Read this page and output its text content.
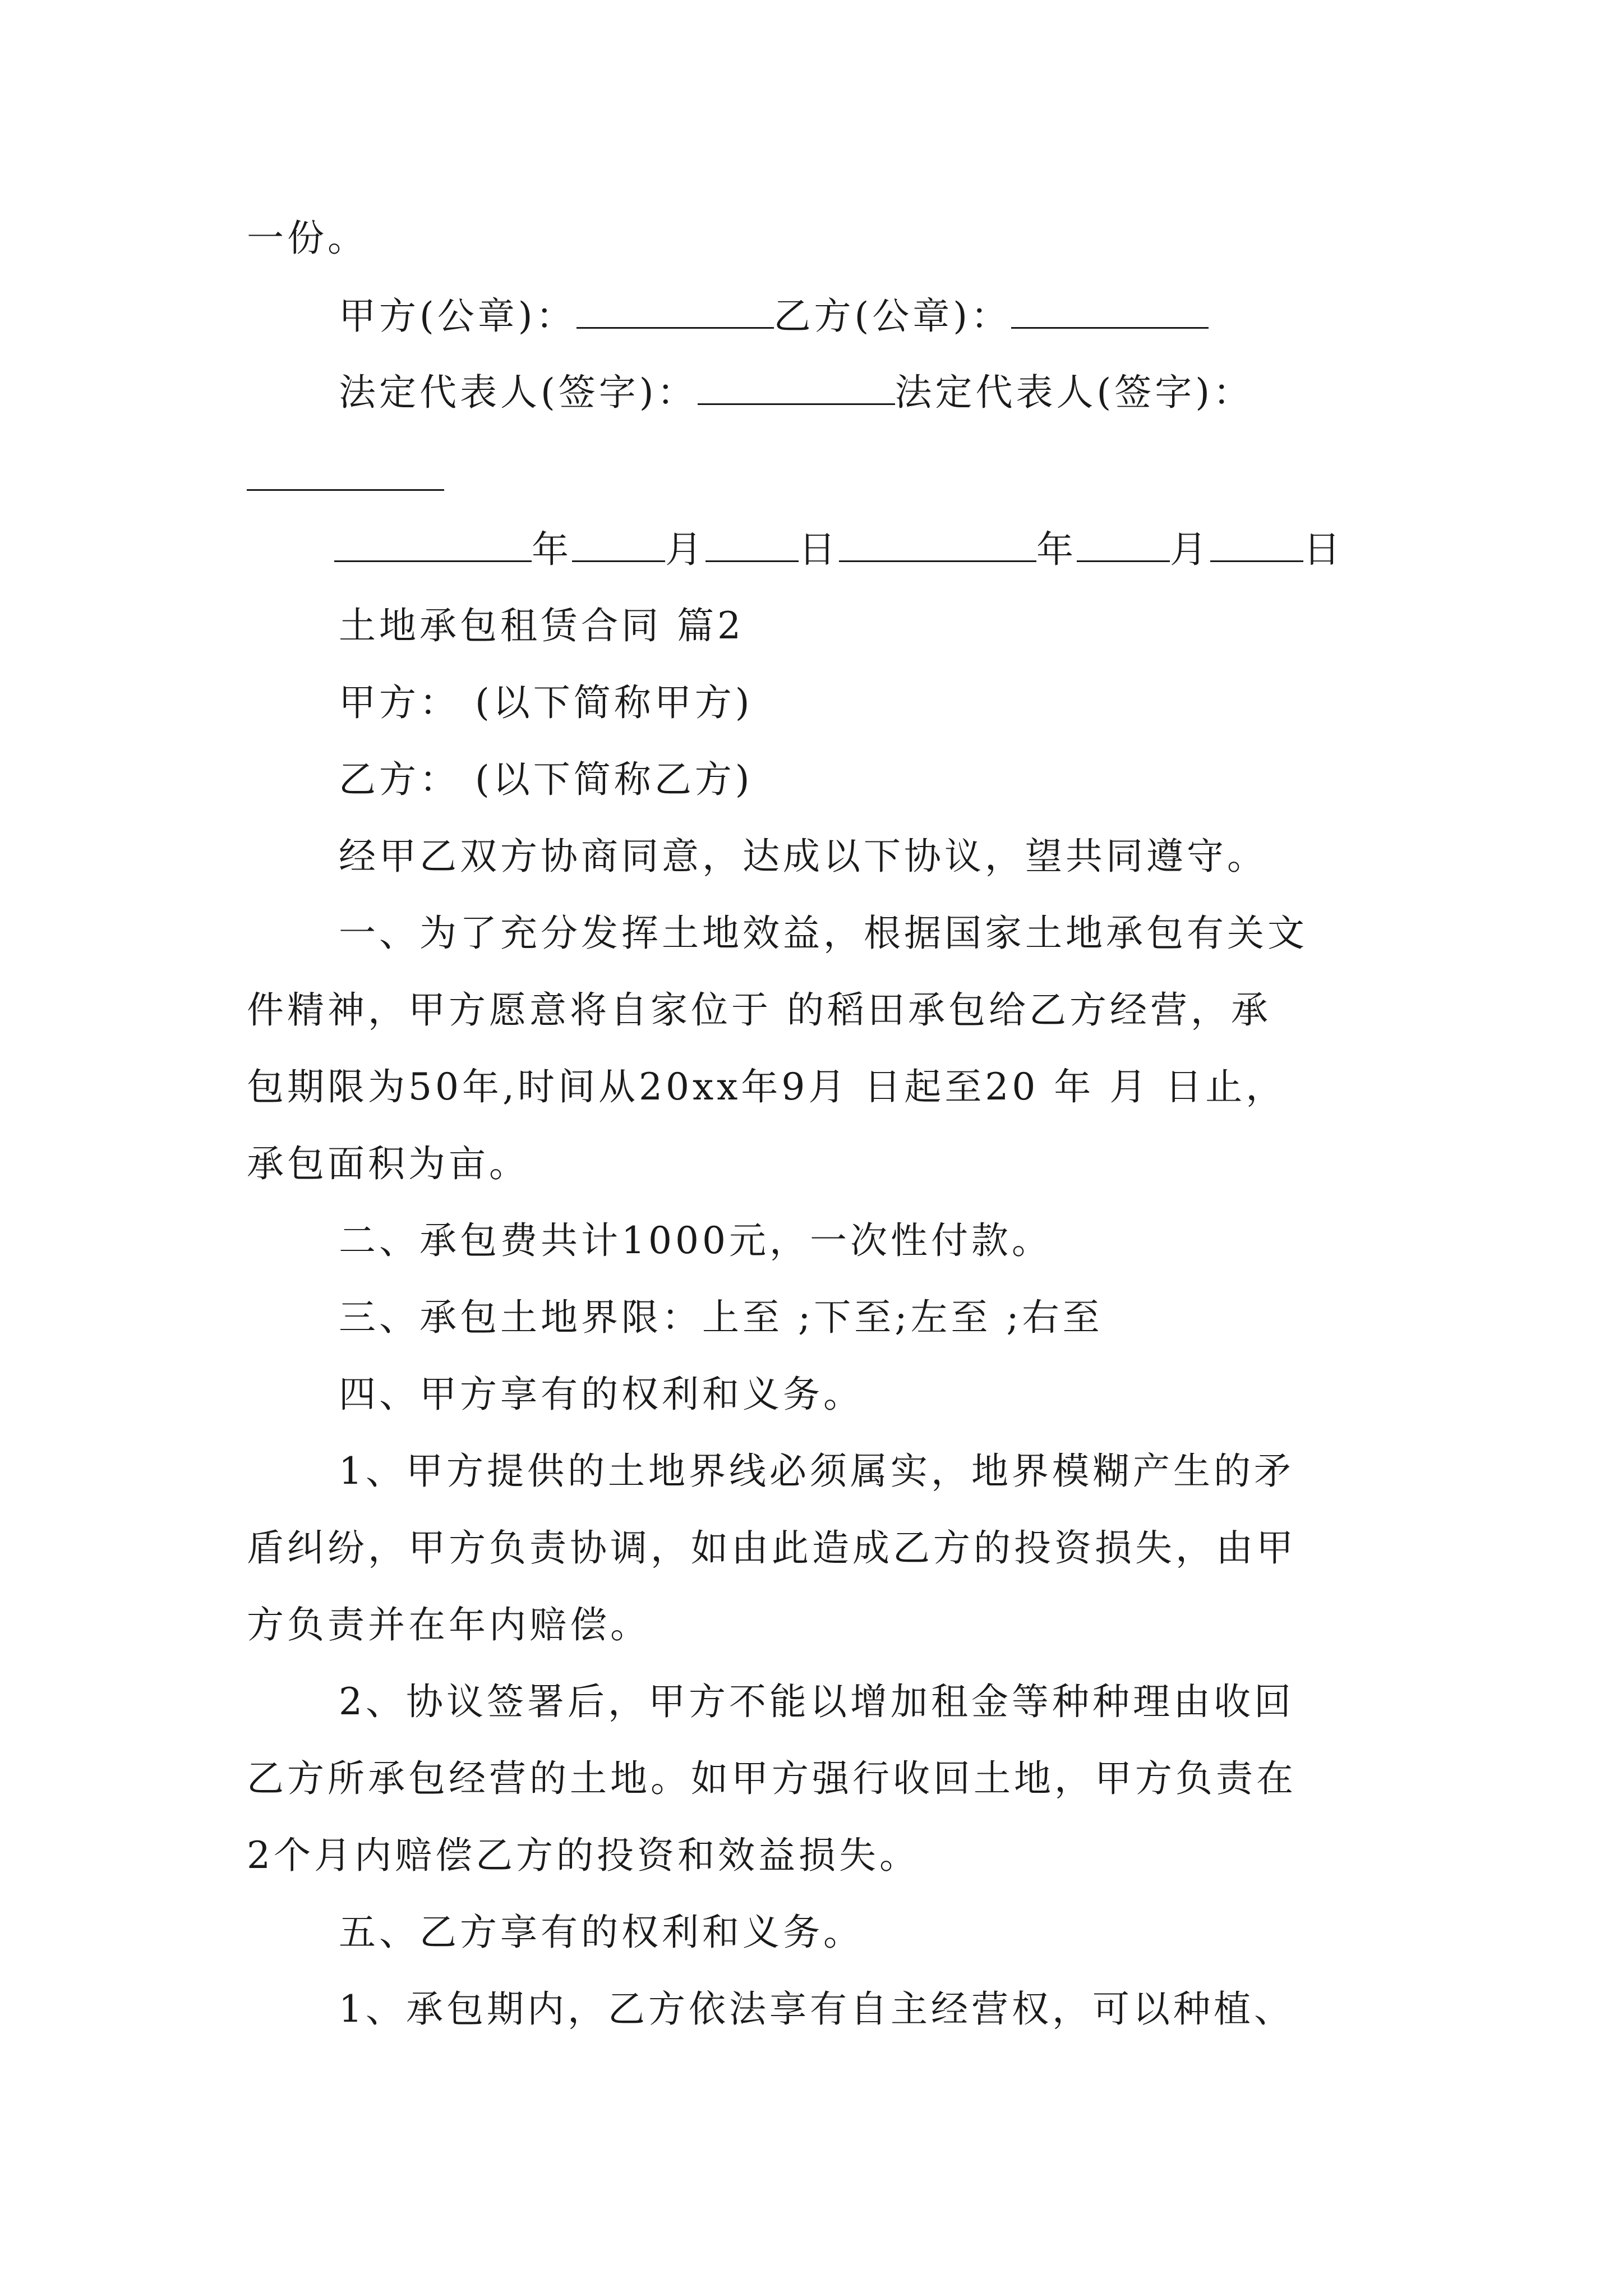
一份。
甲方(公章)：	乙方(公章)：
法定代表人(签字)：	法定代表人(签字)：
年	月	日	年	月	日
土地承包租赁合同 篇2
甲方： (以下简称甲方)
乙方： (以下简称乙方)
经甲乙双方协商同意，达成以下协议，望共同遵守。
一、为了充分发挥土地效益，根据国家土地承包有关文
件精神，甲方愿意将自家位于 的稻田承包给乙方经营，承
包期限为50年,时间从20xx年9月 日起至20 年 月 日止，
承包面积为亩。
二、承包费共计1000元，一次性付款。
三、承包土地界限：上至 ;下至;左至 ;右至
四、甲方享有的权利和义务。
1、甲方提供的土地界线必须属实，地界模糊产生的矛
盾纠纷，甲方负责协调，如由此造成乙方的投资损失，由甲
方负责并在年内赔偿。
2、协议签署后，甲方不能以增加租金等种种理由收回
乙方所承包经营的土地。如甲方强行收回土地，甲方负责在
2个月内赔偿乙方的投资和效益损失。
五、乙方享有的权利和义务。
1、承包期内，乙方依法享有自主经营权，可以种植、
